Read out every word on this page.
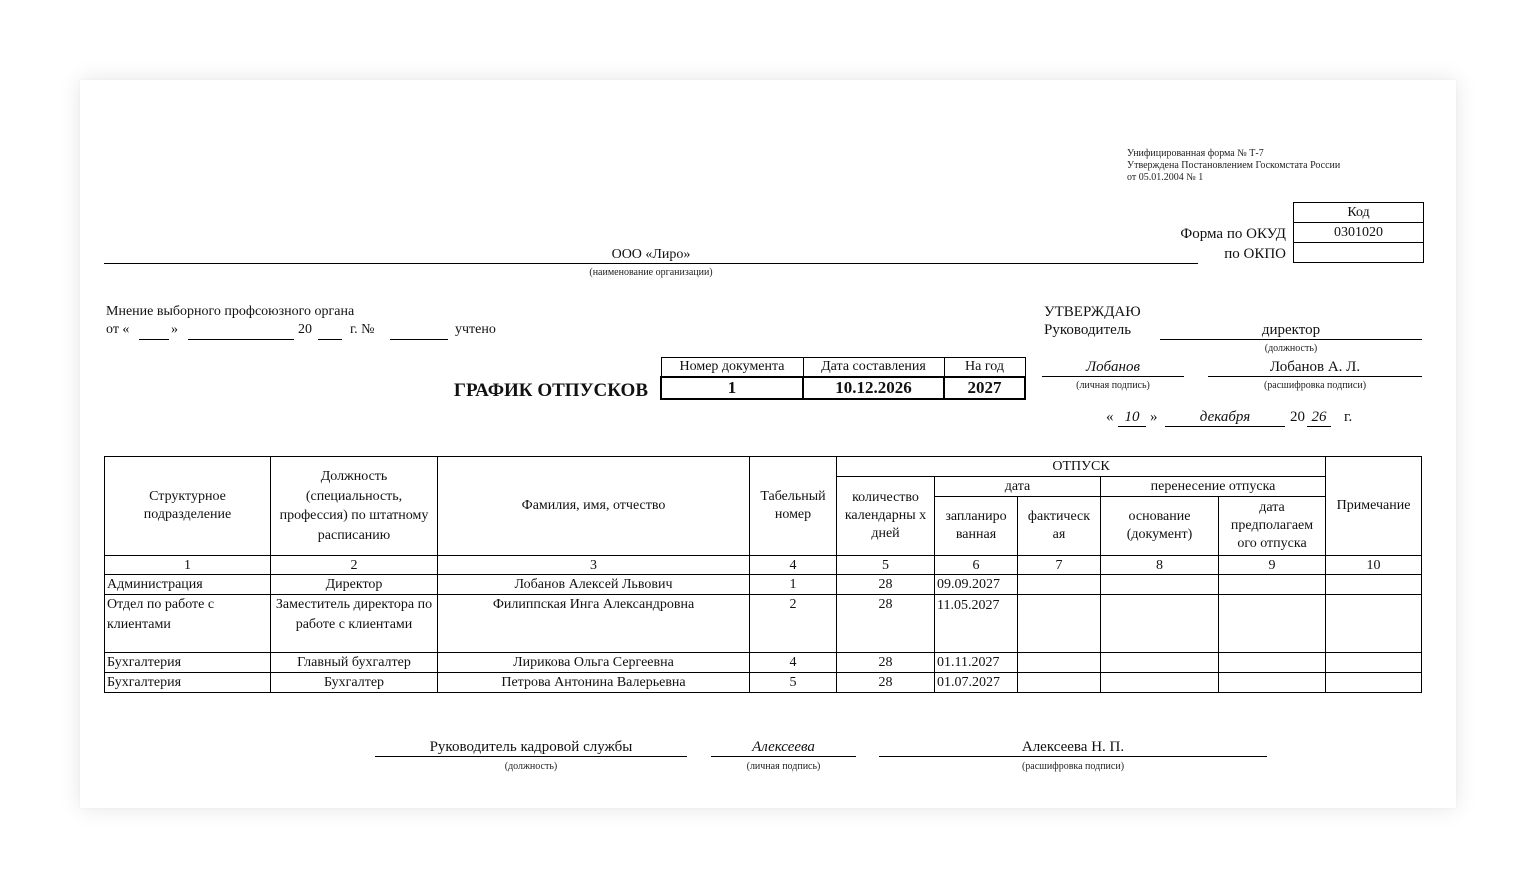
Унифицированная форма № Т-7
Утверждена Постановлением Госкомстата России
от 05.01.2004 № 1
Код
0301020

Форма по ОКУД
по ОКПО
ООО «Лиро»
(наименование организации)
Мнение выборного профсоюзного органа
от «	»	20	г. №	учтено
УТВЕРЖДАЮ
Руководитель	директор
(должность)
Лобанов
(личная подпись)
Лобанов А. Л.
(расшифровка подписи)
« 10 »	декабря	20 26	г.
ГРАФИК ОТПУСКОВ
Номер документа	Дата составления	На год
1	10.12.2026	2027
Структурное подразделение	Должность (специальность, профессия) по штатному расписанию	Фамилия, имя, отчество	Табельный номер	ОТПУСК					Примечание
				количество календарны х дней	дата		перенесение отпуска		
					запланиро ванная	фактическ ая	основание (документ)	дата предполагаем ого отпуска	
1	2	3	4	5	6	7	8	9	10
Администрация	Директор	Лобанов Алексей Львович	1	28	09.09.2027				
Отдел по работе с клиентами	Заместитель директора по работе с клиентами	Филиппская Инга Александровна	2	28	11.05.2027				
Бухгалтерия	Главный бухгалтер	Лирикова Ольга Сергеевна	4	28	01.11.2027				
Бухгалтерия	Бухгалтер	Петрова Антонина Валерьевна	5	28	01.07.2027				
Руководитель кадровой службы
(должность)
Алексеева
(личная подпись)
Алексеева Н. П.
(расшифровка подписи)
